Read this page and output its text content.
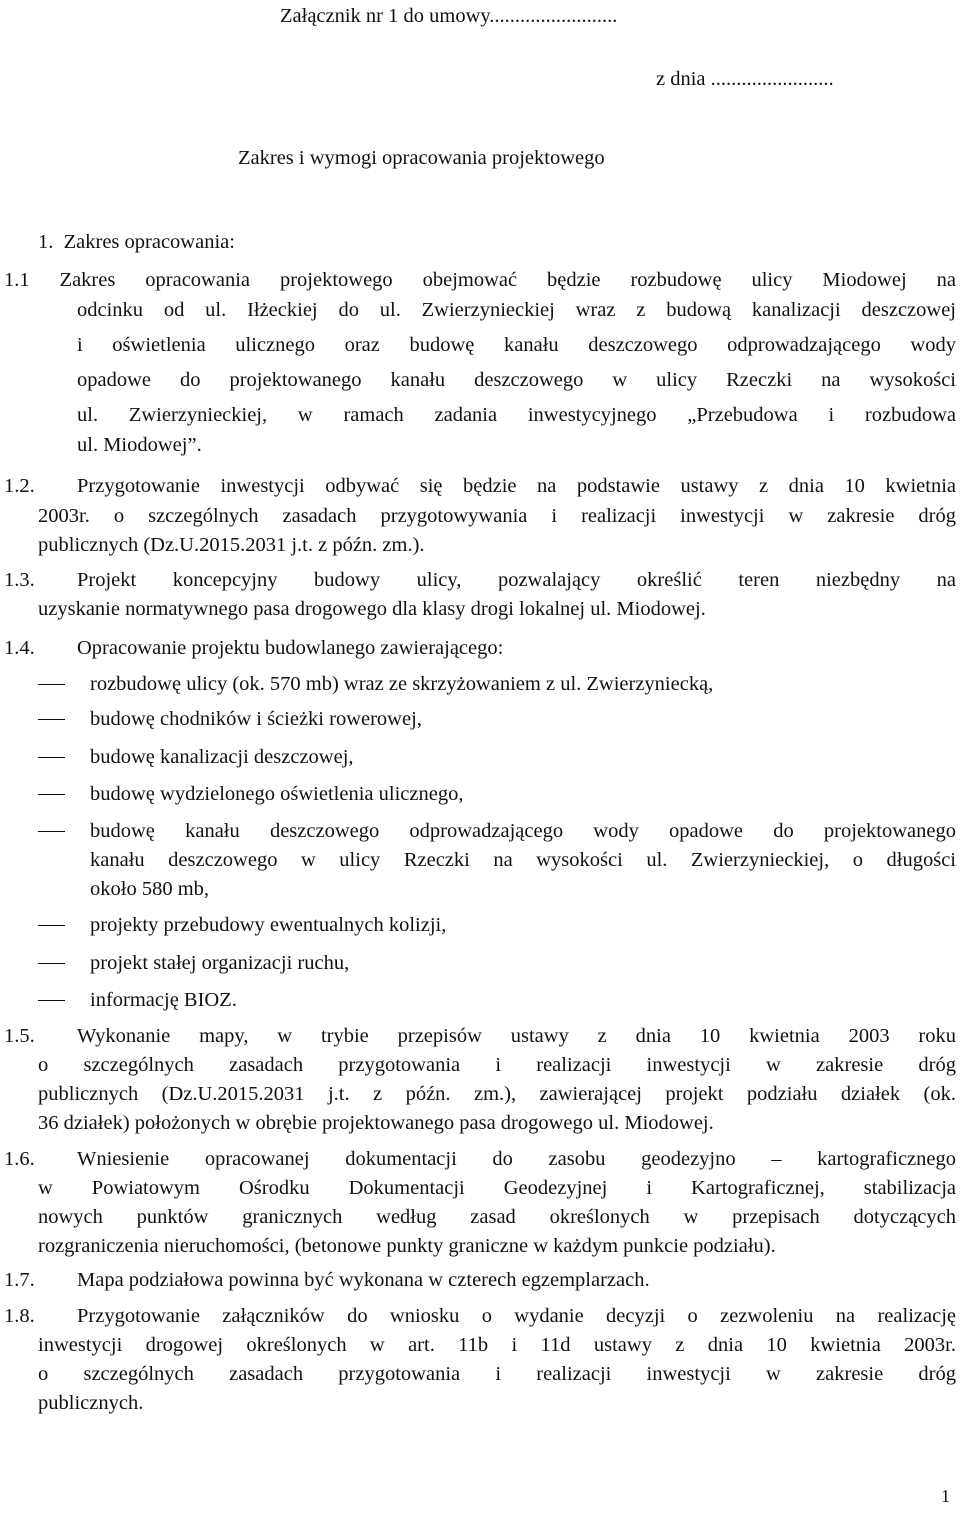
Załącznik nr 1 do umowy.........................
z dnia ........................
Zakres i wymogi opracowania projektowego
1.  Zakres opracowania:
1.1 Zakres opracowania projektowego obejmować będzie rozbudowę ulicy Miodowej na
odcinku od ul. Iłżeckiej do ul. Zwierzynieckiej wraz z budową kanalizacji deszczowej
i oświetlenia ulicznego oraz budowę kanału deszczowego odprowadzającego wody
opadowe do projektowanego kanału deszczowego w ulicy Rzeczki na wysokości
ul. Zwierzynieckiej, w ramach zadania inwestycyjnego „Przebudowa i rozbudowa
ul. Miodowej”.
1.2. Przygotowanie inwestycji odbywać się będzie na podstawie ustawy z dnia 10 kwietnia
2003r. o szczególnych zasadach przygotowywania i realizacji inwestycji w zakresie dróg
publicznych (Dz.U.2015.2031 j.t. z późn. zm.).
1.3. Projekt koncepcyjny budowy ulicy, pozwalający określić teren niezbędny na
uzyskanie normatywnego pasa drogowego dla klasy drogi lokalnej ul. Miodowej.
1.4. Opracowanie projektu budowlanego zawierającego:
rozbudowę ulicy (ok. 570 mb) wraz ze skrzyżowaniem z ul. Zwierzyniecką,
budowę chodników i ścieżki rowerowej,
budowę kanalizacji deszczowej,
budowę wydzielonego oświetlenia ulicznego,
budowę kanału deszczowego odprowadzającego wody opadowe do projektowanego
kanału deszczowego w ulicy Rzeczki na wysokości ul. Zwierzynieckiej, o długości
około 580 mb,
projekty przebudowy ewentualnych kolizji,
projekt stałej organizacji ruchu,
informację BIOZ.
1.5. Wykonanie mapy, w trybie przepisów ustawy z dnia 10 kwietnia 2003 roku
o szczególnych zasadach przygotowania i realizacji inwestycji w zakresie dróg
publicznych (Dz.U.2015.2031 j.t. z późn. zm.), zawierającej projekt podziału działek (ok.
36 działek) położonych w obrębie projektowanego pasa drogowego ul. Miodowej.
1.6. Wniesienie opracowanej dokumentacji do zasobu geodezyjno – kartograficznego
w Powiatowym Ośrodku Dokumentacji Geodezyjnej i Kartograficznej, stabilizacja
nowych punktów granicznych według zasad określonych w przepisach dotyczących
rozgraniczenia nieruchomości, (betonowe punkty graniczne w każdym punkcie podziału).
1.7. Mapa podziałowa powinna być wykonana w czterech egzemplarzach.
1.8. Przygotowanie załączników do wniosku o wydanie decyzji o zezwoleniu na realizację
inwestycji drogowej określonych w art. 11b i 11d ustawy z dnia 10 kwietnia 2003r.
o szczególnych zasadach przygotowania i realizacji inwestycji w zakresie dróg
publicznych.
1
